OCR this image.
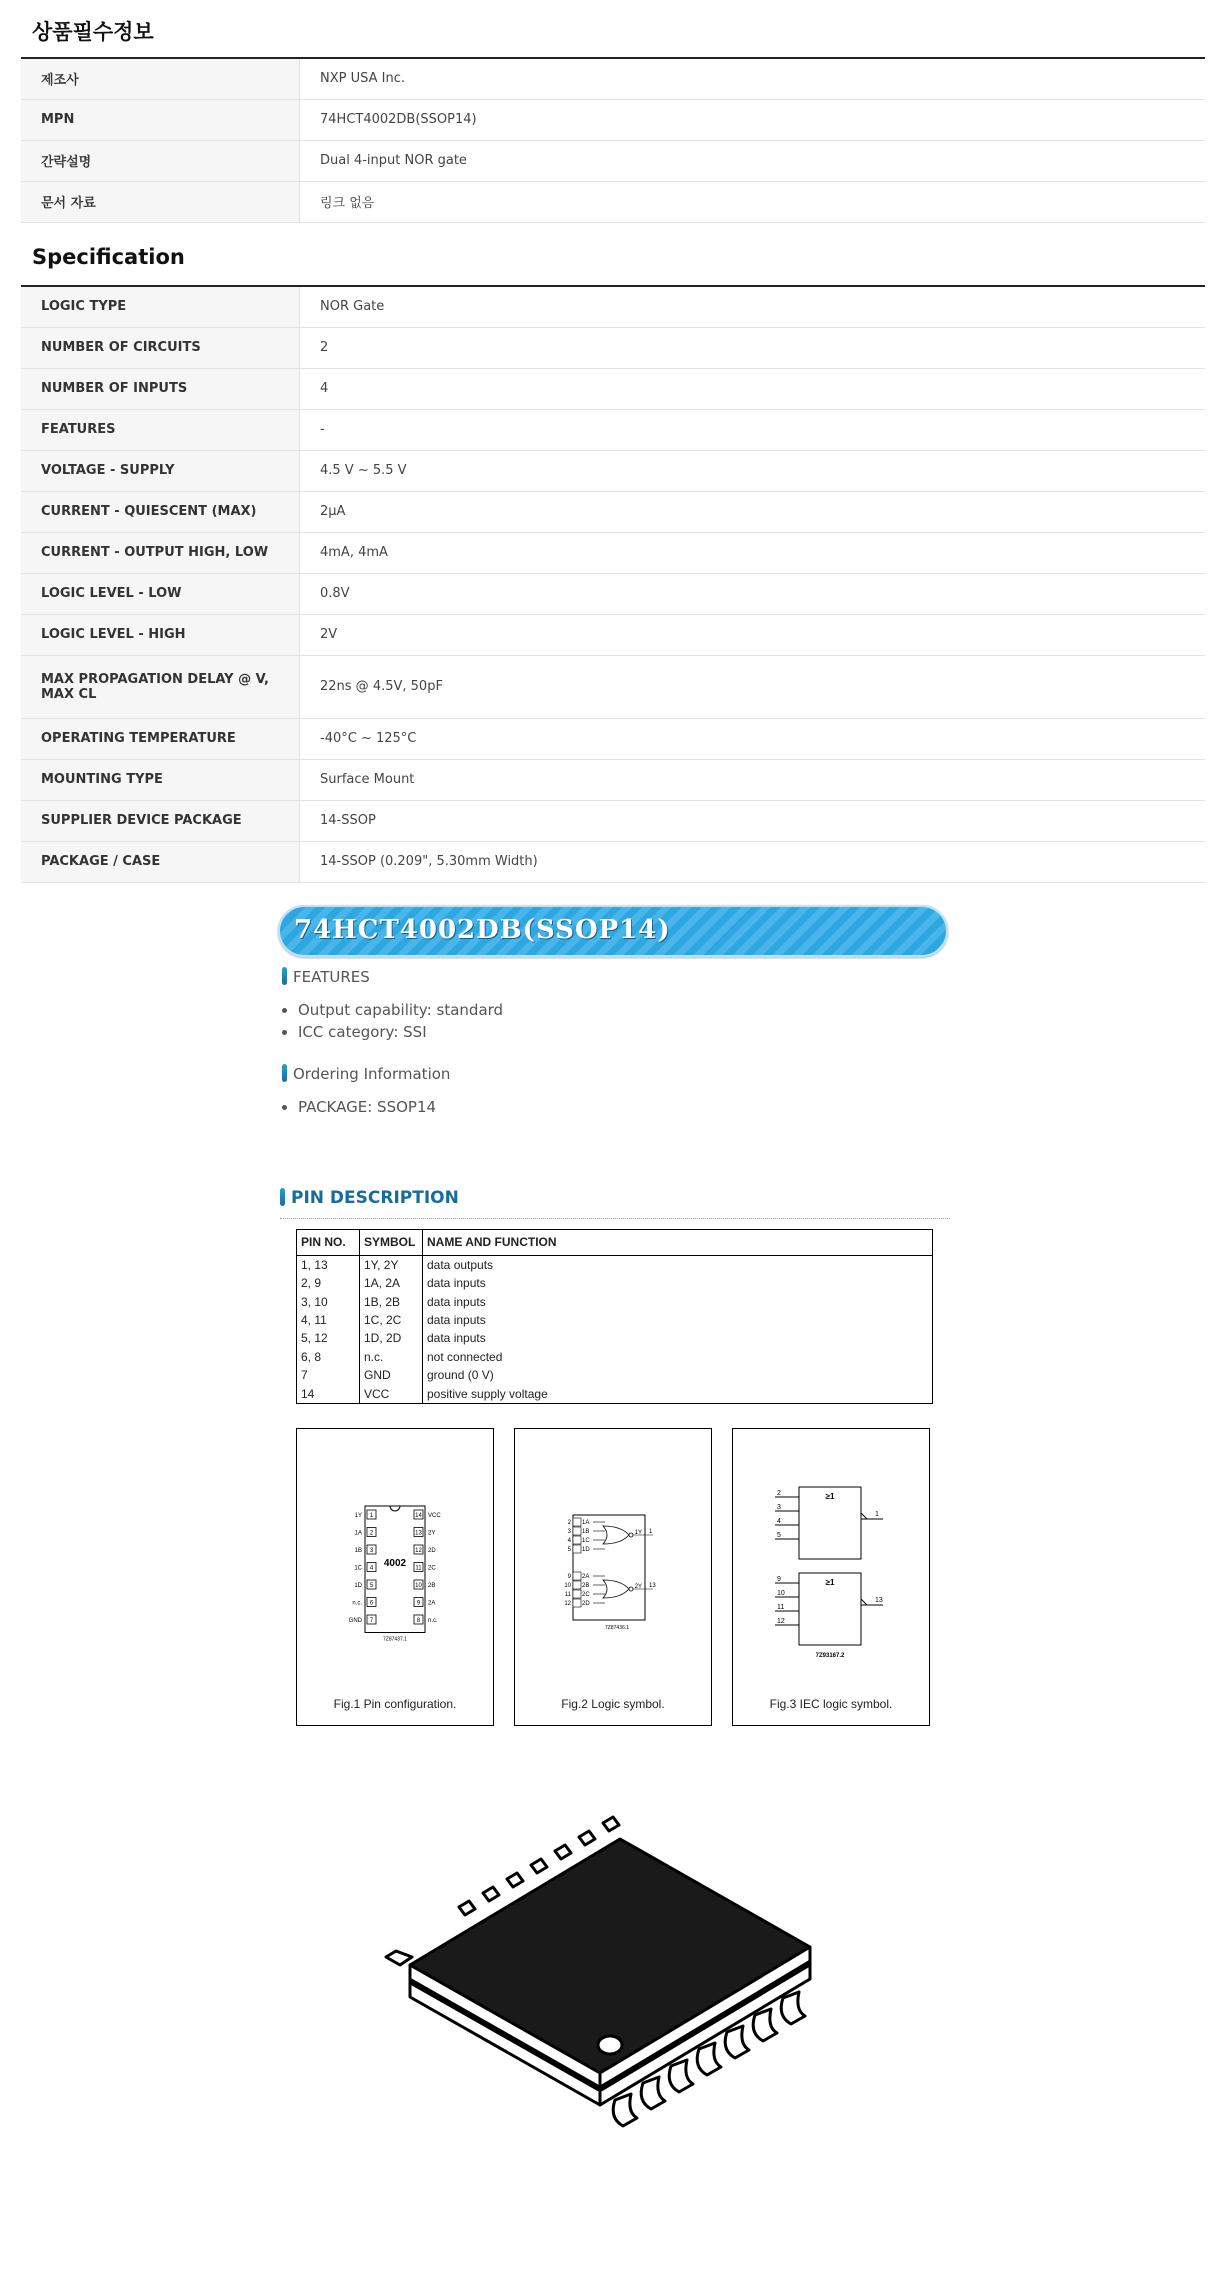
상품필수정보
제조사	NXP USA Inc.
MPN	74HCT4002DB(SSOP14)
간략설명	Dual 4-input NOR gate
문서 자료	링크 없음
Specification
LOGIC TYPE	NOR Gate
NUMBER OF CIRCUITS	2
NUMBER OF INPUTS	4
FEATURES	-
VOLTAGE - SUPPLY	4.5 V ~ 5.5 V
CURRENT - QUIESCENT (MAX)	2µA
CURRENT - OUTPUT HIGH, LOW	4mA, 4mA
LOGIC LEVEL - LOW	0.8V
LOGIC LEVEL - HIGH	2V
MAX PROPAGATION DELAY @ V, MAX CL	22ns @ 4.5V, 50pF
OPERATING TEMPERATURE	-40°C ~ 125°C
MOUNTING TYPE	Surface Mount
SUPPLIER DEVICE PACKAGE	14-SSOP
PACKAGE / CASE	14-SSOP (0.209", 5.30mm Width)
74HCT4002DB(SSOP14)
FEATURES
• Output capability: standard
• ICC category: SSI
Ordering Information
• PACKAGE: SSOP14
PIN DESCRIPTION
PIN NO.	SYMBOL	NAME AND FUNCTION
1, 13	1Y, 2Y	data outputs
2, 9	1A, 2A	data inputs
3, 10	1B, 2B	data inputs
4, 11	1C, 2C	data inputs
5, 12	1D, 2D	data inputs
6, 8	n.c.	not connected
7	GND	ground (0 V)
14	VCC	positive supply voltage
1
1Y
2
1A
3
1B
4
1C
5
1D
6
n.c.
7
GND
14 VCC
13 2Y
12 2D
11 2C
10 2B
9 2A
8 n.c.
4002
7Z87437.1
Fig.1 Pin configuration.
2 1A
3 1B
4 1C
5 1D
1Y 1
9 2A
10 2B
11 2C
12 2D
2Y 13
7Z87436.1
Fig.2 Logic symbol.
≥1
2
3
4
5
1
≥1
9
10
11
12
13
7Z93167.2
Fig.3 IEC logic symbol.
